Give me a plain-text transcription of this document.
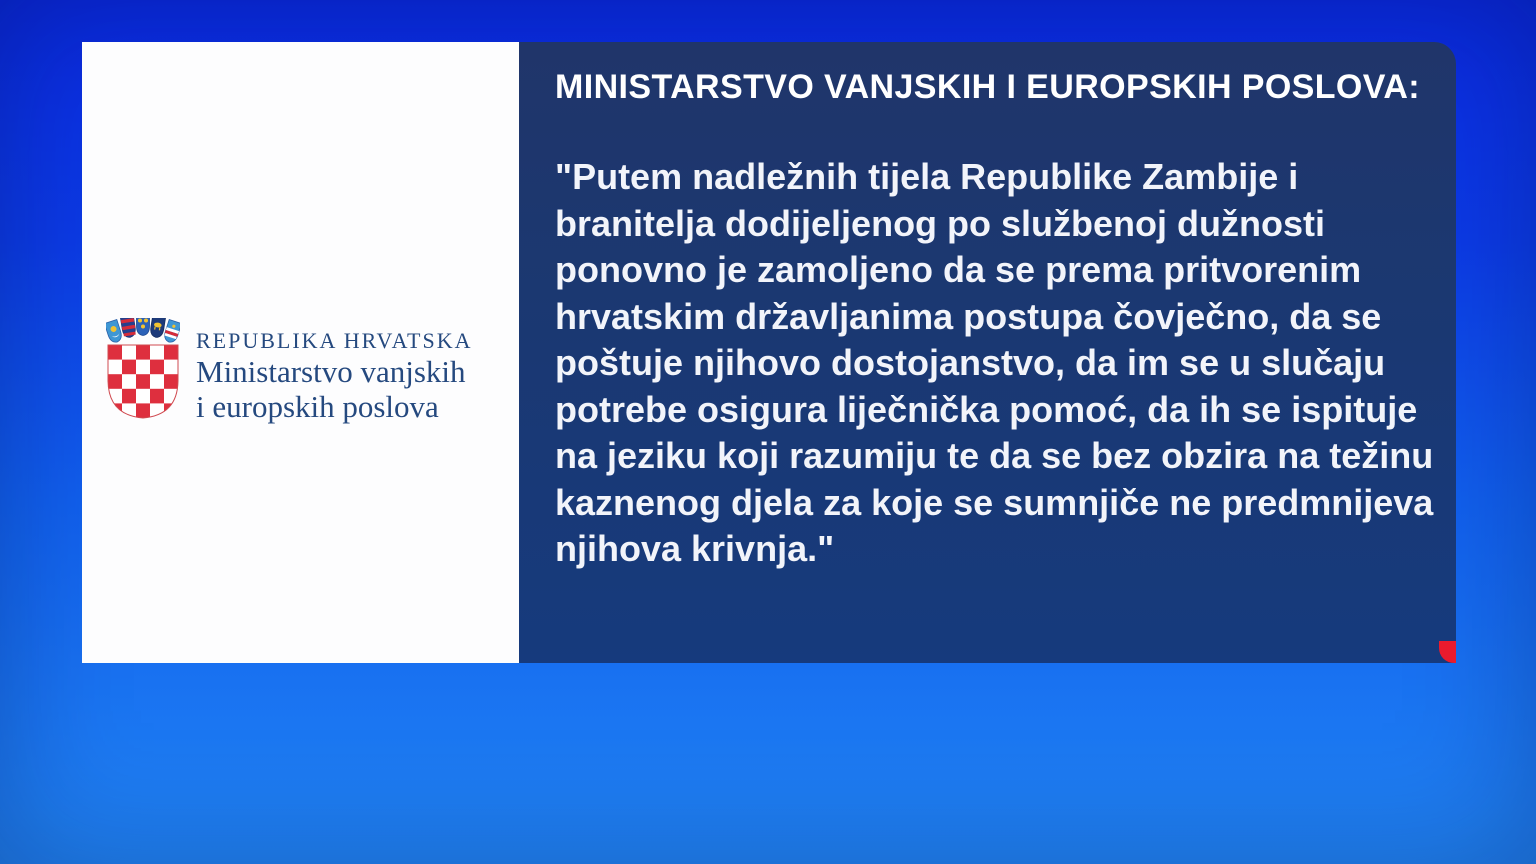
REPUBLIKA HRVATSKA
Ministarstvo vanjskih
i europskih poslova
MINISTARSTVO VANJSKIH I EUROPSKIH POSLOVA:
"Putem nadležnih tijela Republike Zambije i
branitelja dodijeljenog po službenoj dužnosti
ponovno je zamoljeno da se prema pritvorenim
hrvatskim državljanima postupa čovječno, da se
poštuje njihovo dostojanstvo, da im se u slučaju
potrebe osigura liječnička pomoć, da ih se ispituje
na jeziku koji razumiju te da se bez obzira na težinu
kaznenog djela za koje se sumnjiče ne predmnijeva
njihova krivnja."
